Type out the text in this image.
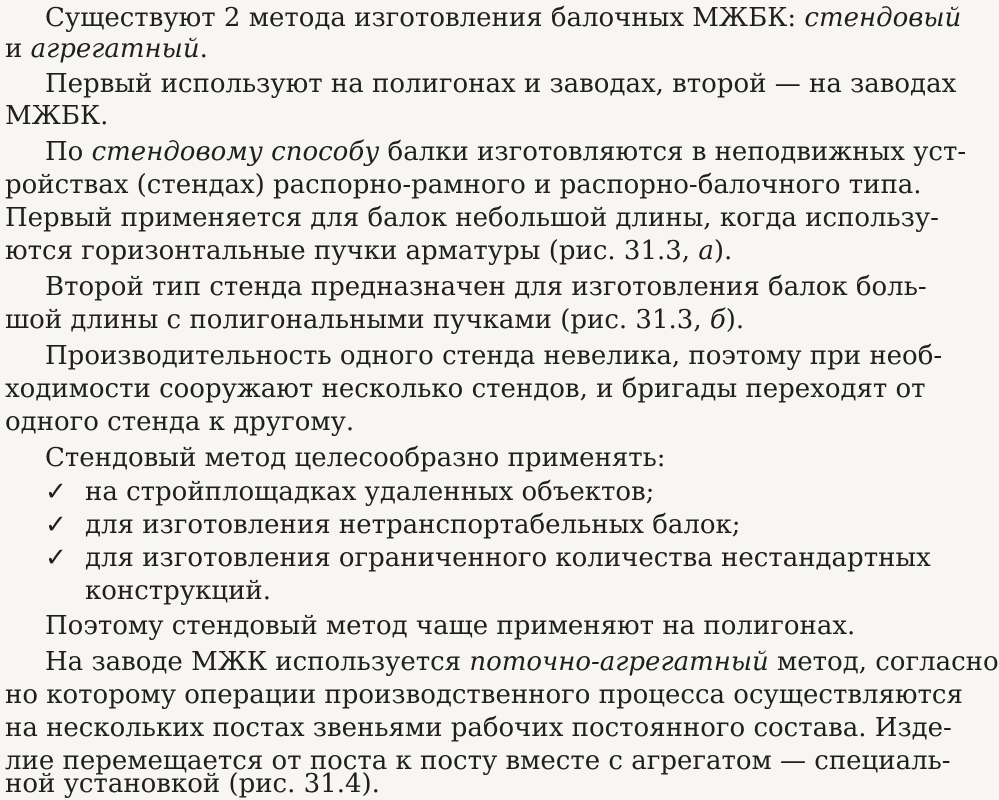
Существуют 2 метода изготовления балочных МЖБК: стендовый
и агрегатный.
Первый используют на полигонах и заводах, второй — на заводах
МЖБК.
По стендовому способу балки изготовляются в неподвижных уст-
ройствах (стендах) распорно-рамного и распорно-балочного типа.
Первый применяется для балок небольшой длины, когда использу-
ются горизонтальные пучки арматуры (рис. 31.3, а).
Второй тип стенда предназначен для изготовления балок боль-
шой длины с полигональными пучками (рис. 31.3, б).
Производительность одного стенда невелика, поэтому при необ-
ходимости сооружают несколько стендов, и бригады переходят от
одного стенда к другому.
Стендовый метод целесообразно применять:
✓ на стройплощадках удаленных объектов;
✓ для изготовления нетранспортабельных балок;
✓ для изготовления ограниченного количества нестандартных
конструкций.
Поэтому стендовый метод чаще применяют на полигонах.
На заводе МЖК используется поточно-агрегатный метод, согласно
но которому операции производственного процесса осуществляются
на нескольких постах звеньями рабочих постоянного состава. Изде-
лие перемещается от поста к посту вместе с агрегатом — специаль-
ной установкой (рис. 31.4).
